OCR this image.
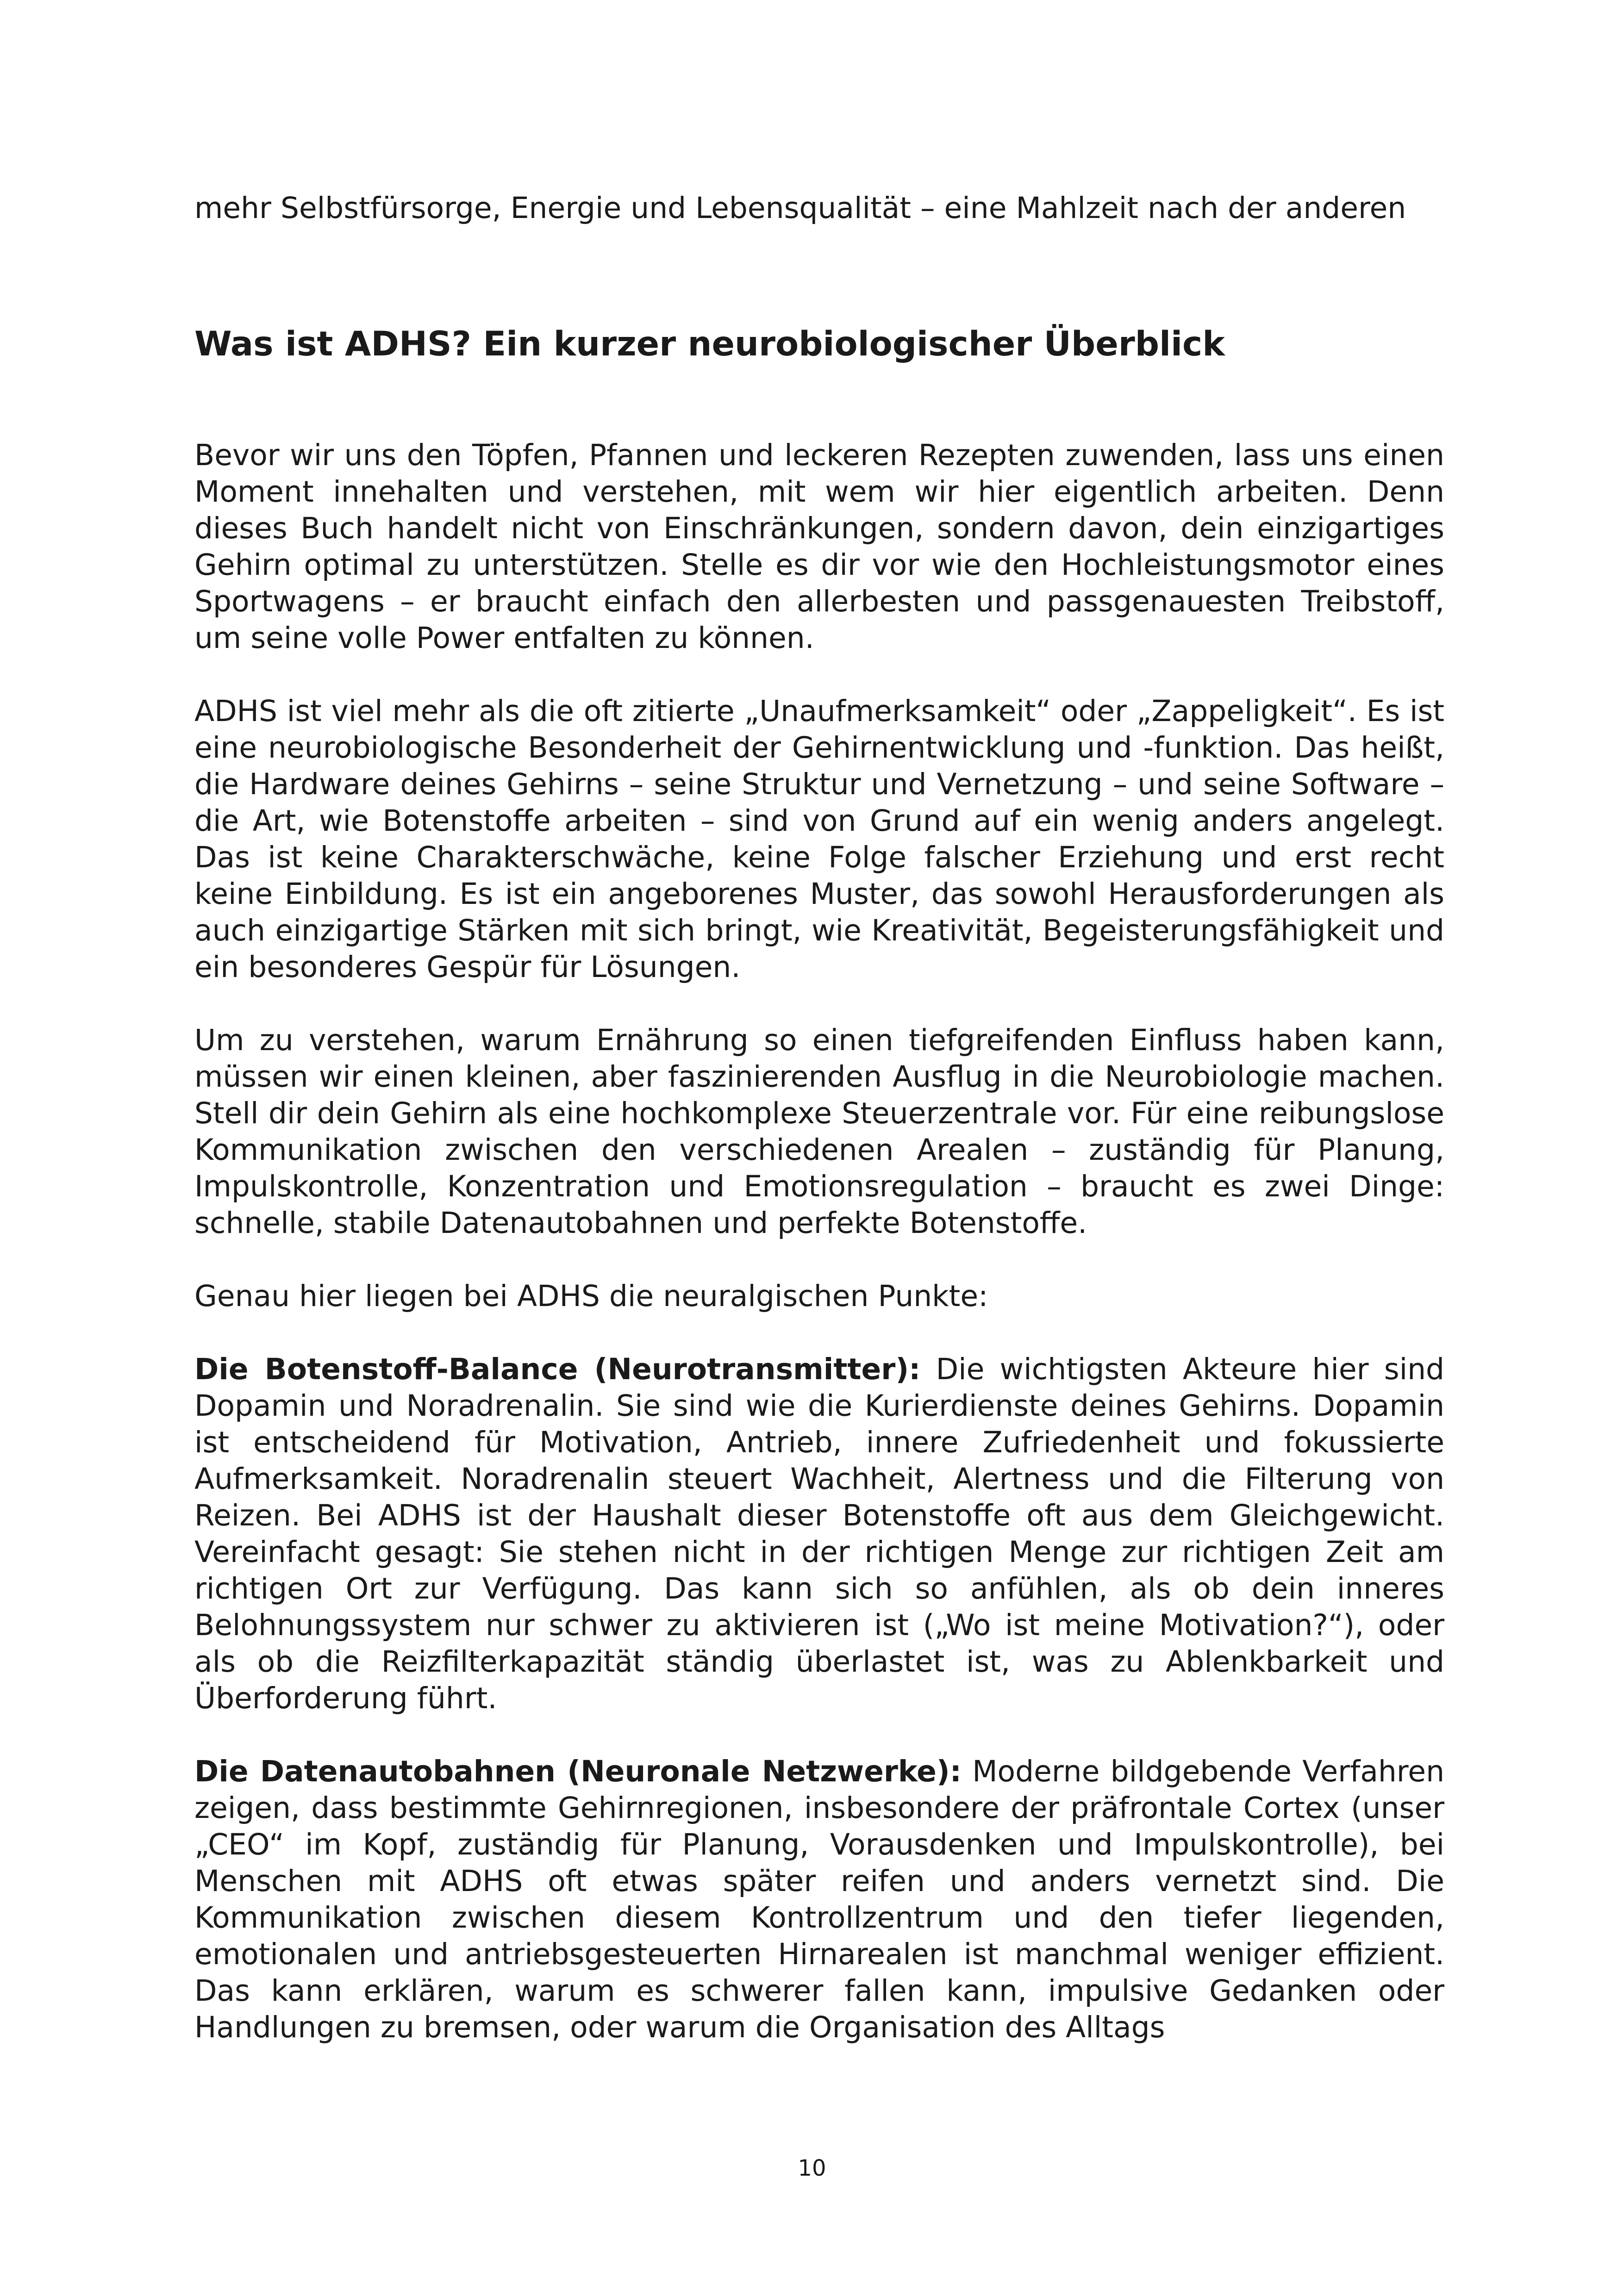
mehr Selbstfürsorge, Energie und Lebensqualität – eine Mahlzeit nach der anderen

Was ist ADHS? Ein kurzer neurobiologischer Überblick

Bevor wir uns den Töpfen, Pfannen und leckeren Rezepten zuwenden, lass uns einen Moment innehalten und verstehen, mit wem wir hier eigentlich arbeiten. Denn dieses Buch handelt nicht von Einschränkungen, sondern davon, dein einzigartiges Gehirn optimal zu unterstützen. Stelle es dir vor wie den Hochleistungsmotor eines Sportwagens – er braucht einfach den allerbesten und passgenauesten Treibstoff, um seine volle Power entfalten zu können.

ADHS ist viel mehr als die oft zitierte „Unaufmerksamkeit“ oder „Zappeligkeit“. Es ist eine neurobiologische Besonderheit der Gehirnentwicklung und -funktion. Das heißt, die Hardware deines Gehirns – seine Struktur und Vernetzung – und seine Software – die Art, wie Botenstoffe arbeiten – sind von Grund auf ein wenig anders angelegt. Das ist keine Charakterschwäche, keine Folge falscher Erziehung und erst recht keine Einbildung. Es ist ein angeborenes Muster, das sowohl Herausforderungen als auch einzigartige Stärken mit sich bringt, wie Kreativität, Begeisterungsfähigkeit und ein besonderes Gespür für Lösungen.

Um zu verstehen, warum Ernährung so einen tiefgreifenden Einfluss haben kann, müssen wir einen kleinen, aber faszinierenden Ausflug in die Neurobiologie machen. Stell dir dein Gehirn als eine hochkomplexe Steuerzentrale vor. Für eine reibungslose Kommunikation zwischen den verschiedenen Arealen – zuständig für Planung, Impulskontrolle, Konzentration und Emotionsregulation – braucht es zwei Dinge: schnelle, stabile Datenautobahnen und perfekte Botenstoffe.

Genau hier liegen bei ADHS die neuralgischen Punkte:

Die Botenstoff-Balance (Neurotransmitter): Die wichtigsten Akteure hier sind Dopamin und Noradrenalin. Sie sind wie die Kurierdienste deines Gehirns. Dopamin ist entscheidend für Motivation, Antrieb, innere Zufriedenheit und fokussierte Aufmerksamkeit. Noradrenalin steuert Wachheit, Alertness und die Filterung von Reizen. Bei ADHS ist der Haushalt dieser Botenstoffe oft aus dem Gleichgewicht. Vereinfacht gesagt: Sie stehen nicht in der richtigen Menge zur richtigen Zeit am richtigen Ort zur Verfügung. Das kann sich so anfühlen, als ob dein inneres Belohnungssystem nur schwer zu aktivieren ist („Wo ist meine Motivation?“), oder als ob die Reizfilterkapazität ständig überlastet ist, was zu Ablenkbarkeit und Überforderung führt.

Die Datenautobahnen (Neuronale Netzwerke): Moderne bildgebende Verfahren zeigen, dass bestimmte Gehirnregionen, insbesondere der präfrontale Cortex (unser „CEO“ im Kopf, zuständig für Planung, Vorausdenken und Impulskontrolle), bei Menschen mit ADHS oft etwas später reifen und anders vernetzt sind. Die Kommunikation zwischen diesem Kontrollzentrum und den tiefer liegenden, emotionalen und antriebsgesteuerten Hirnarealen ist manchmal weniger effizient. Das kann erklären, warum es schwerer fallen kann, impulsive Gedanken oder Handlungen zu bremsen, oder warum die Organisation des Alltags

10
